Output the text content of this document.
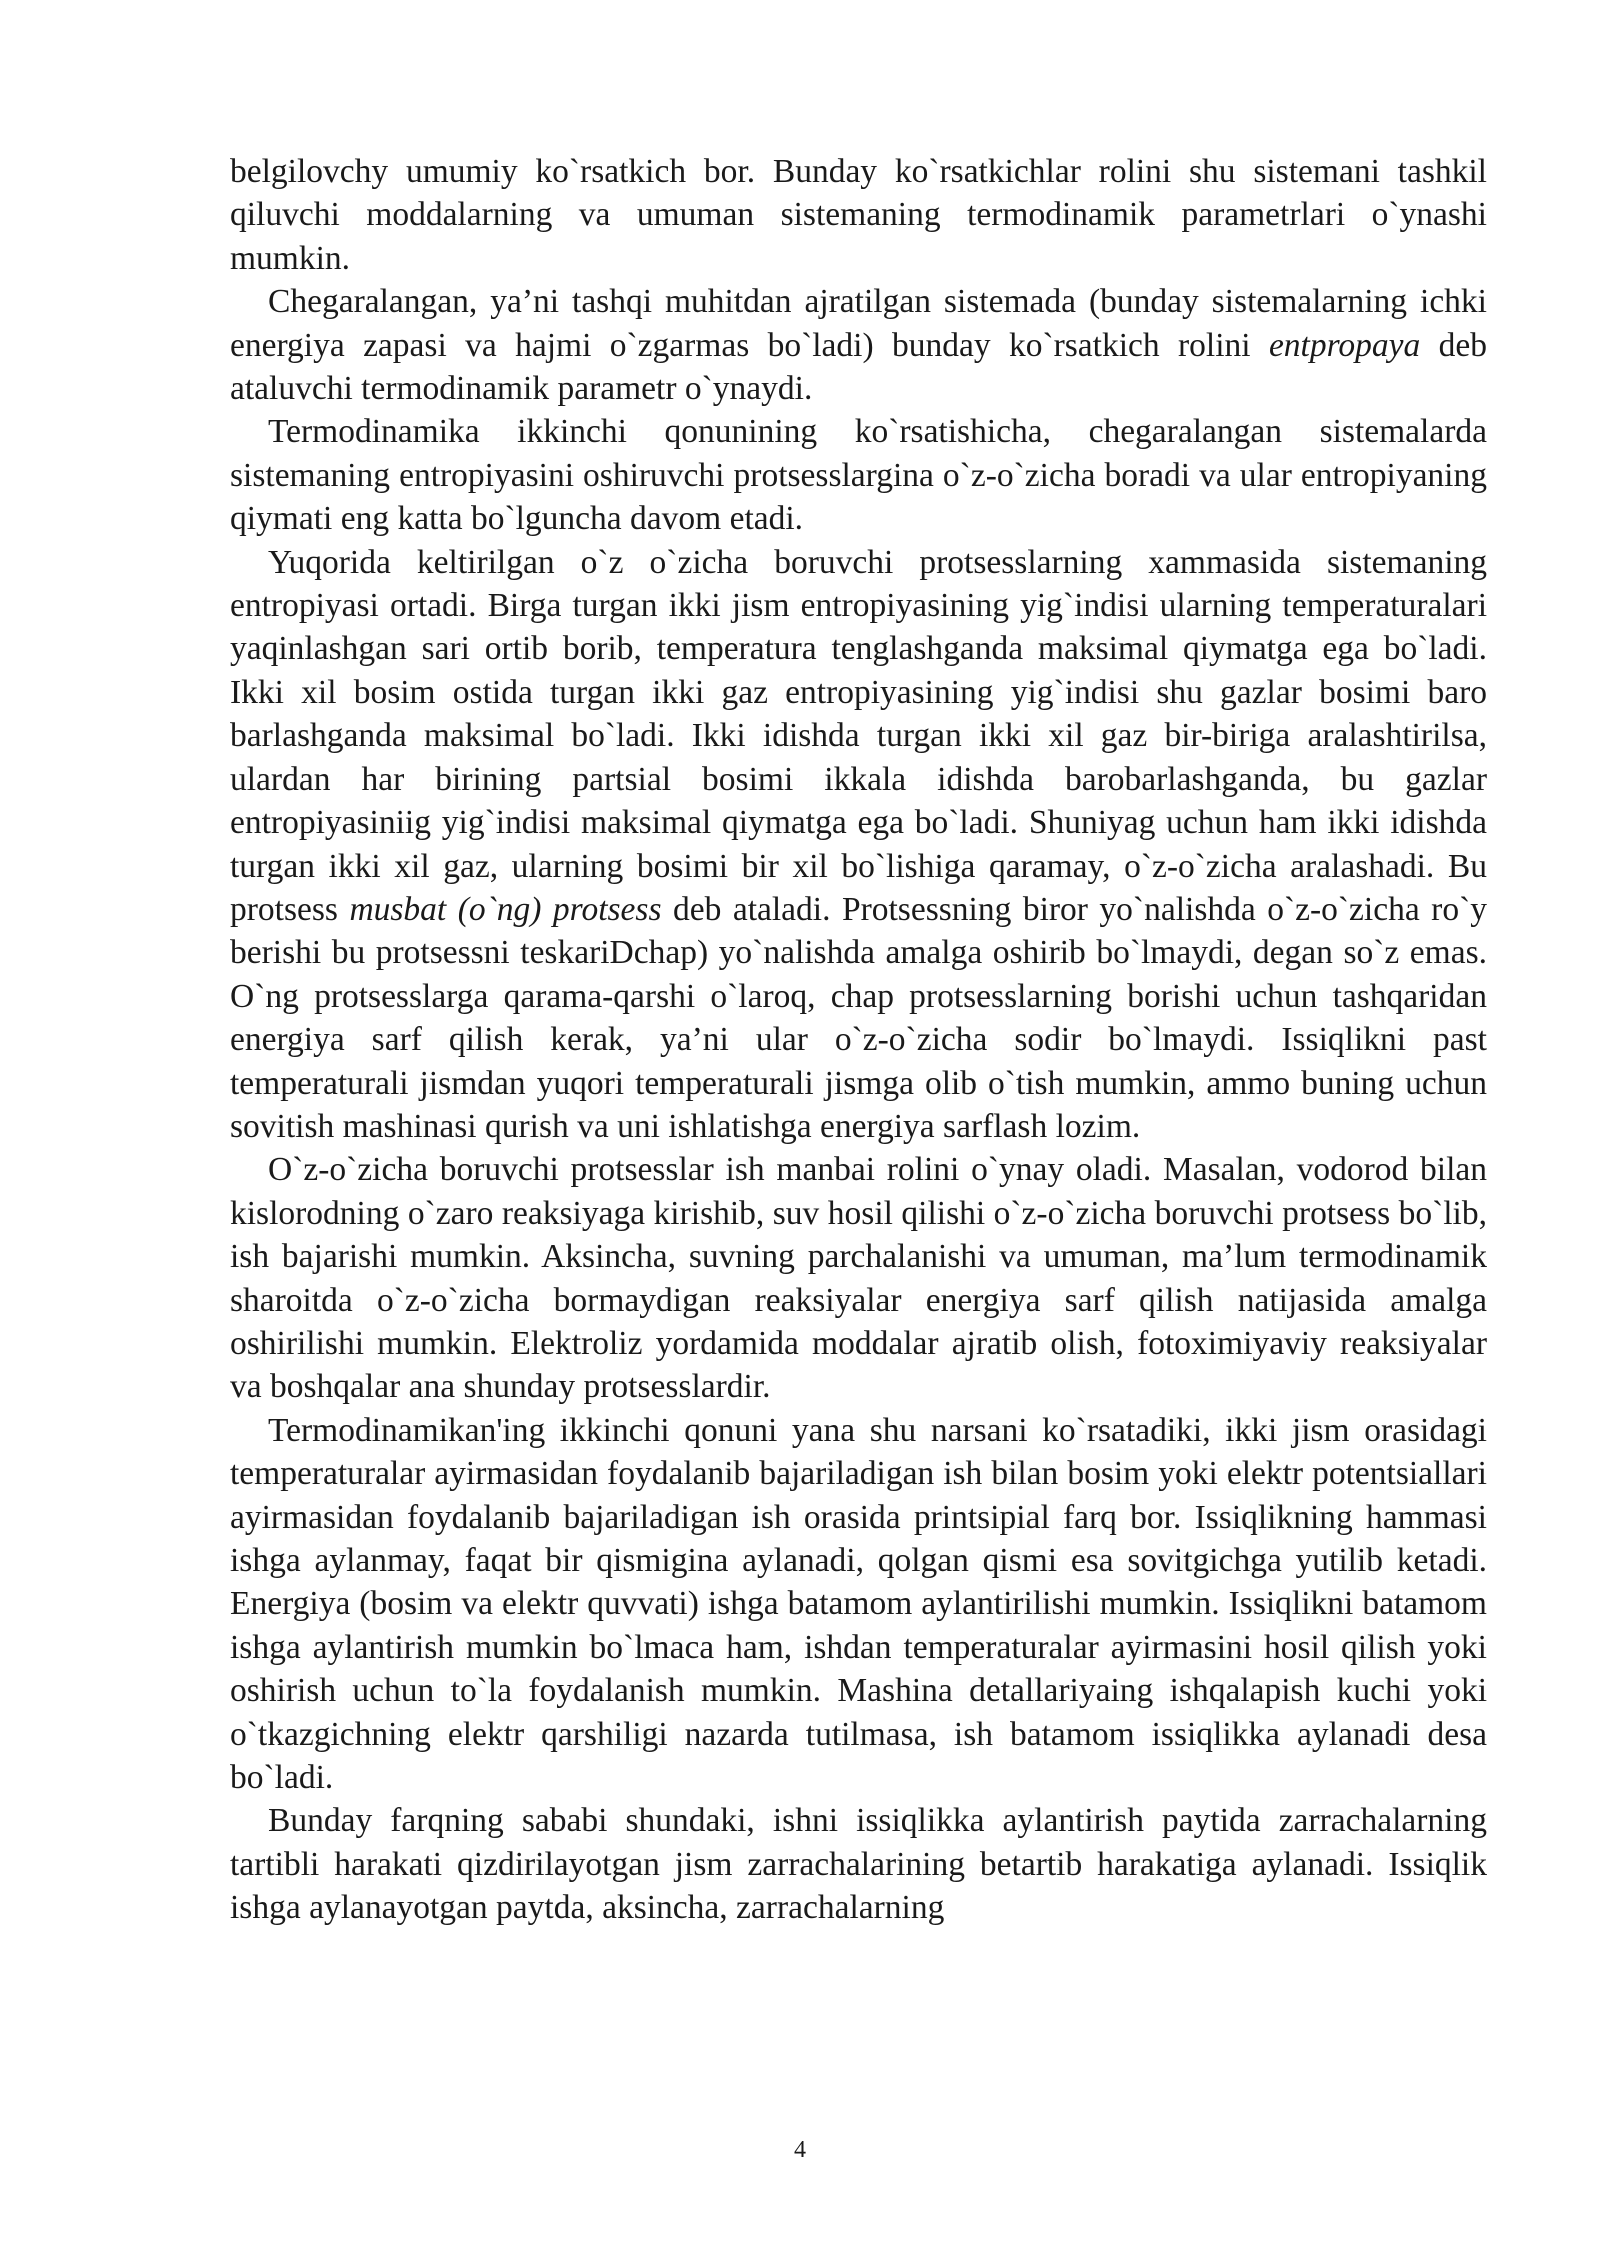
belgilovchy umumiy ko`rsatkich bor. Bunday ko`rsatkichlar rolini shu sistemani tashkil qiluvchi moddalarning va umuman sistemaning termodinamik parametrlari o`ynashi mumkin.

Chegaralangan, ya’ni tashqi muhitdan ajratilgan sistemada (bunday sistemalarning ichki energiya zapasi va hajmi o`zgarmas bo`ladi) bunday ko`rsatkich rolini entpropaya deb ataluvchi termodinamik parametr o`ynaydi.

Termodinamika ikkinchi qonunining ko`rsatishicha, chegaralangan sistemalarda sistemaning entropiyasini oshiruvchi protsesslargina o`z-o`zicha boradi va ular entropiyaning qiymati eng katta bo`lguncha davom etadi.

Yuqorida keltirilgan o`z o`zicha boruvchi protsesslarning xammasida sistemaning entropiyasi ortadi. Birga turgan ikki jism entropiyasining yig`indisi ularning temperaturalari yaqinlashgan sari ortib borib, temperatura tenglashganda maksimal qiymatga ega bo`ladi. Ikki xil bosim ostida turgan ikki gaz entropiyasining yig`indisi shu gazlar bosimi baro barlashganda maksimal bo`ladi. Ikki idishda turgan ikki xil gaz bir-biriga aralashtirilsa, ulardan har birining partsial bosimi ikkala idishda barobarlashganda, bu gazlar entropiyasiniig yig`indisi maksimal qiymatga ega bo`ladi. Shuniyag uchun ham ikki idishda turgan ikki xil gaz, ularning bosimi bir xil bo`lishiga qaramay, o`z-o`zicha aralashadi. Bu protsess musbat (o`ng) protsess deb ataladi. Protsessning biror yo`nalishda o`z-o`zicha ro`y berishi bu protsessni teskariDchap) yo`nalishda amalga oshirib bo`lmaydi, degan so`z emas. O`ng protsesslarga qarama-qarshi o`laroq, chap protsesslarning borishi uchun tashqaridan energiya sarf qilish kerak, ya’ni ular o`z-o`zicha sodir bo`lmaydi. Issiqlikni past temperaturali jismdan yuqori temperaturali jismga olib o`tish mumkin, ammo buning uchun sovitish mashinasi qurish va uni ishlatishga energiya sarflash lozim.

O`z-o`zicha boruvchi protsesslar ish manbai rolini o`ynay oladi. Masalan, vodorod bilan kislorodning o`zaro reaksiyaga kirishib, suv hosil qilishi o`z-o`zicha boruvchi protsess bo`lib, ish bajarishi mumkin. Aksincha, suvning parchalanishi va umuman, ma’lum termodinamik sharoitda o`z-o`zicha bormaydigan reaksiyalar energiya sarf qilish natijasida amalga oshirilishi mumkin. Elektroliz yordamida moddalar ajratib olish, fotoximiyaviy reaksiyalar va boshqalar ana shunday protsesslardir.

Termodinamikan'ing ikkinchi qonuni yana shu narsani ko`rsatadiki, ikki jism orasidagi temperaturalar ayirmasidan foydalanib bajariladigan ish bilan bosim yoki elektr potentsiallari ayirmasidan foydalanib bajariladigan ish orasida printsipial farq bor. Issiqlikning hammasi ishga aylanmay, faqat bir qismigina aylanadi, qolgan qismi esa sovitgichga yutilib ketadi. Energiya (bosim va elektr quvvati) ishga batamom aylantirilishi mumkin. Issiqlikni batamom ishga aylantirish mumkin bo`lmaca ham, ishdan temperaturalar ayirmasini hosil qilish yoki oshirish uchun to`la foydalanish mumkin. Mashina detallariyaing ishqalapish kuchi yoki o`tkazgichning elektr qarshiligi nazarda tutilmasa, ish batamom issiqlikka aylanadi desa bo`ladi.

Bunday farqning sababi shundaki, ishni issiqlikka aylantirish paytida zarrachalarning tartibli harakati qizdirilayotgan jism zarrachalarining betartib harakatiga aylanadi. Issiqlik ishga aylanayotgan paytda, aksincha, zarrachalarning

4
